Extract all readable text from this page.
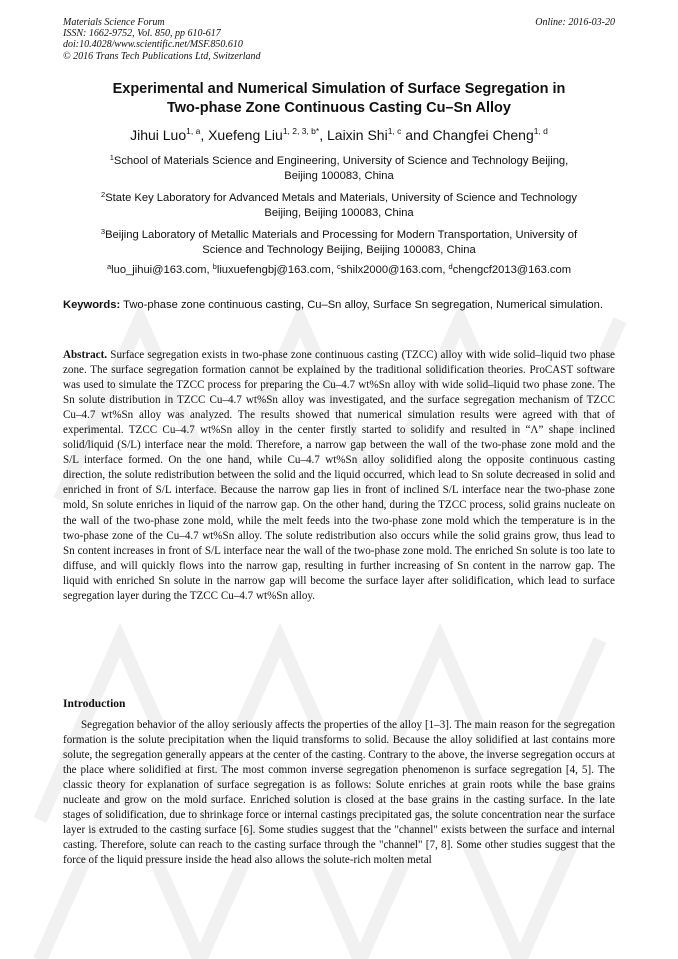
Materials Science Forum
ISSN: 1662-9752, Vol. 850, pp 610-617
doi:10.4028/www.scientific.net/MSF.850.610
© 2016 Trans Tech Publications Ltd, Switzerland
Online: 2016-03-20
Experimental and Numerical Simulation of Surface Segregation in
Two-phase Zone Continuous Casting Cu–Sn Alloy
Jihui Luo$^{1, a}$, Xuefeng Liu$^{1, 2, 3, b*}$, Laixin Shi$^{1, c}$ and Changfei Cheng$^{1, d}$
$^1$School of Materials Science and Engineering, University of Science and Technology Beijing,
Beijing 100083, China
$^2$State Key Laboratory for Advanced Metals and Materials, University of Science and Technology
Beijing, Beijing 100083, China
$^3$Beijing Laboratory of Metallic Materials and Processing for Modern Transportation, University of
Science and Technology Beijing, Beijing 100083, China
$^a$luo_jihui@163.com, $^b$liuxuefengbj@163.com, $^c$shilx2000@163.com, $^d$chengcf2013@163.com
Keywords: Two-phase zone continuous casting, Cu–Sn alloy, Surface Sn segregation, Numerical simulation.
Abstract. Surface segregation exists in two-phase zone continuous casting (TZCC) alloy with wide solid–liquid two phase zone. The surface segregation formation cannot be explained by the traditional solidification theories. ProCAST software was used to simulate the TZCC process for preparing the Cu–4.7 wt%Sn alloy with wide solid–liquid two phase zone. The Sn solute distribution in TZCC Cu–4.7 wt%Sn alloy was investigated, and the surface segregation mechanism of TZCC Cu–4.7 wt%Sn alloy was analyzed. The results showed that numerical simulation results were agreed with that of experimental. TZCC Cu–4.7 wt%Sn alloy in the center firstly started to solidify and resulted in “Λ” shape inclined solid/liquid (S/L) interface near the mold. Therefore, a narrow gap between the wall of the two-phase zone mold and the S/L interface formed. On the one hand, while Cu–4.7 wt%Sn alloy solidified along the opposite continuous casting direction, the solute redistribution between the solid and the liquid occurred, which lead to Sn solute decreased in solid and enriched in front of S/L interface. Because the narrow gap lies in front of inclined S/L interface near the two-phase zone mold, Sn solute enriches in liquid of the narrow gap. On the other hand, during the TZCC process, solid grains nucleate on the wall of the two-phase zone mold, while the melt feeds into the two-phase zone mold which the temperature is in the two-phase zone of the Cu–4.7 wt%Sn alloy. The solute redistribution also occurs while the solid grains grow, thus lead to Sn content increases in front of S/L interface near the wall of the two-phase zone mold. The enriched Sn solute is too late to diffuse, and will quickly flows into the narrow gap, resulting in further increasing of Sn content in the narrow gap. The liquid with enriched Sn solute in the narrow gap will become the surface layer after solidification, which lead to surface segregation layer during the TZCC Cu–4.7 wt%Sn alloy.
Introduction
Segregation behavior of the alloy seriously affects the properties of the alloy [1–3]. The main reason for the segregation formation is the solute precipitation when the liquid transforms to solid. Because the alloy solidified at last contains more solute, the segregation generally appears at the center of the casting. Contrary to the above, the inverse segregation occurs at the place where solidified at first. The most common inverse segregation phenomenon is surface segregation [4, 5]. The classic theory for explanation of surface segregation is as follows: Solute enriches at grain roots while the base grains nucleate and grow on the mold surface. Enriched solution is closed at the base grains in the casting surface. In the late stages of solidification, due to shrinkage force or internal castings precipitated gas, the solute concentration near the surface layer is extruded to the casting surface [6]. Some studies suggest that the "channel" exists between the surface and internal casting. Therefore, solute can reach to the casting surface through the "channel" [7, 8]. Some other studies suggest that the force of the liquid pressure inside the head also allows the solute-rich molten metal
